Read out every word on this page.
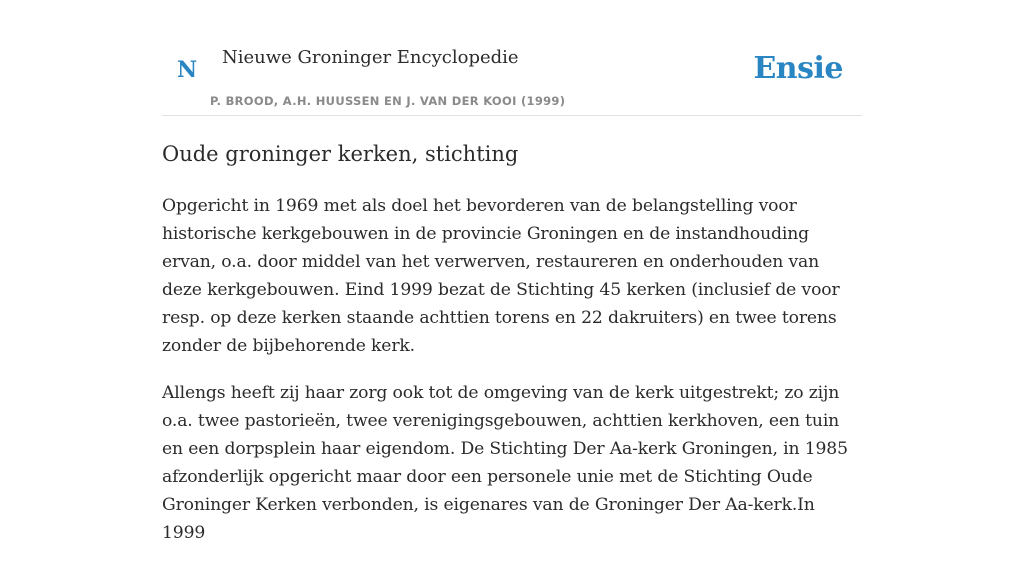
N Nieuwe Groninger Encyclopedie
P. BROOD, A.H. HUUSSEN EN J. VAN DER KOOI (1999)
Ensie
Oude groninger kerken, stichting

Opgericht in 1969 met als doel het bevorderen van de belangstelling voor historische kerkgebouwen in de provincie Groningen en de instandhouding ervan, o.a. door middel van het verwerven, restaureren en onderhouden van deze kerkgebouwen. Eind 1999 bezat de Stichting 45 kerken (inclusief de voor resp. op deze kerken staande achttien torens en 22 dakruiters) en twee torens zonder de bijbehorende kerk.

Allengs heeft zij haar zorg ook tot de omgeving van de kerk uitgestrekt; zo zijn o.a. twee pastorieën, twee verenigingsgebouwen, achttien kerkhoven, een tuin en een dorpsplein haar eigendom. De Stichting Der Aa-kerk Groningen, in 1985 afzonderlijk opgericht maar door een personele unie met de Stichting Oude Groninger Kerken verbonden, is eigenares van de Groninger Der Aa-kerk.In 1999
